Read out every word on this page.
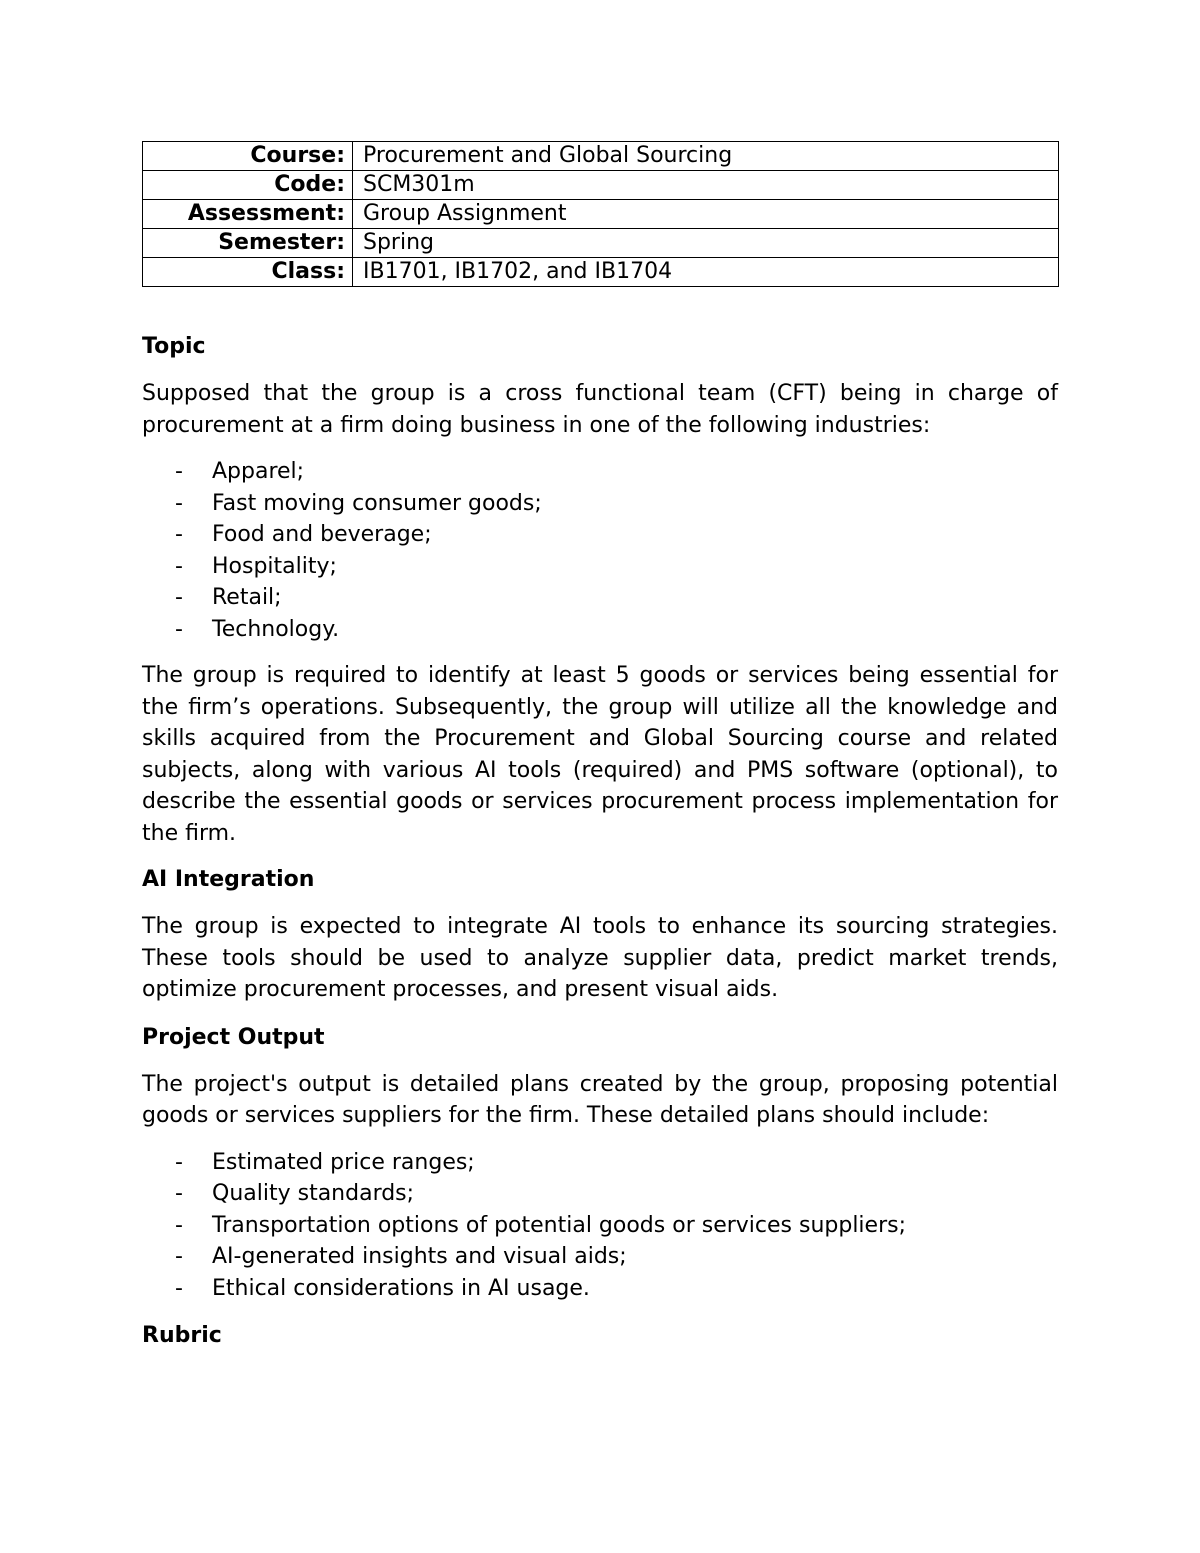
Course:	Procurement and Global Sourcing
Code:	SCM301m
Assessment:	Group Assignment
Semester:	Spring
Class:	IB1701, IB1702, and IB1704
Topic

Supposed that the group is a cross functional team (CFT) being in charge of procurement at a firm doing business in one of the following industries:

- Apparel;
- Fast moving consumer goods;
- Food and beverage;
- Hospitality;
- Retail;
- Technology.

The group is required to identify at least 5 goods or services being essential for the firm’s operations. Subsequently, the group will utilize all the knowledge and skills acquired from the Procurement and Global Sourcing course and related subjects, along with various AI tools (required) and PMS software (optional), to describe the essential goods or services procurement process implementation for the firm.

AI Integration

The group is expected to integrate AI tools to enhance its sourcing strategies. These tools should be used to analyze supplier data, predict market trends, optimize procurement processes, and present visual aids.

Project Output

The project's output is detailed plans created by the group, proposing potential goods or services suppliers for the firm. These detailed plans should include:

- Estimated price ranges;
- Quality standards;
- Transportation options of potential goods or services suppliers;
- AI-generated insights and visual aids;
- Ethical considerations in AI usage.
Rubric
